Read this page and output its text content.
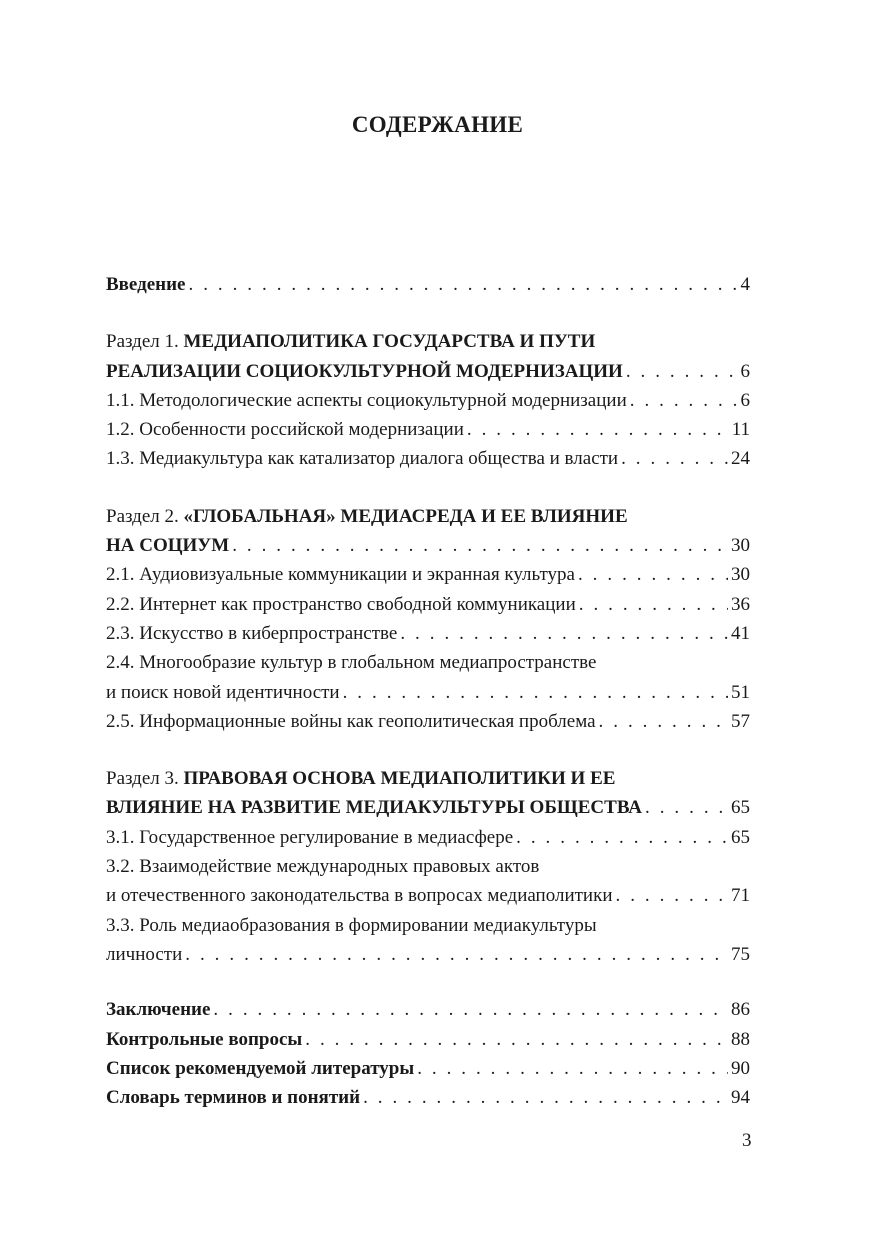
СОДЕРЖАНИЕ
Введение . . .	4
Раздел 1. МЕДИАПОЛИТИКА ГОСУДАРСТВА И ПУТИ
РЕАЛИЗАЦИИ СОЦИОКУЛЬТУРНОЙ МОДЕРНИЗАЦИИ . . .	6
1.1. Методологические аспекты социокультурной модернизации . . .	6
1.2. Особенности российской модернизации . . .	11
1.3. Медиакультура как катализатор диалога общества и власти . . .	24
Раздел 2. «ГЛОБАЛЬНАЯ» МЕДИАСРЕДА И ЕЕ ВЛИЯНИЕ
НА СОЦИУМ . . .	30
2.1. Аудиовизуальные коммуникации и экранная культура . . .	30
2.2. Интернет как пространство свободной коммуникации . . .	36
2.3. Искусство в киберпространстве . . .	41
2.4. Многообразие культур в глобальном медиапространстве
и поиск новой идентичности . . .	51
2.5. Информационные войны как геополитическая проблема . . .	57
Раздел 3. ПРАВОВАЯ ОСНОВА МЕДИАПОЛИТИКИ И ЕЕ
ВЛИЯНИЕ НА РАЗВИТИЕ МЕДИАКУЛЬТУРЫ ОБЩЕСТВА . . .	65
3.1. Государственное регулирование в медиасфере . . .	65
3.2. Взаимодействие международных правовых актов
и отечественного законодательства в вопросах медиаполитики . . .	71
3.3. Роль медиаобразования в формировании медиакультуры
личности . . .	75
Заключение . . .	86
Контрольные вопросы . . .	88
Список рекомендуемой литературы . . .	90
Словарь терминов и понятий . . .	94
3
